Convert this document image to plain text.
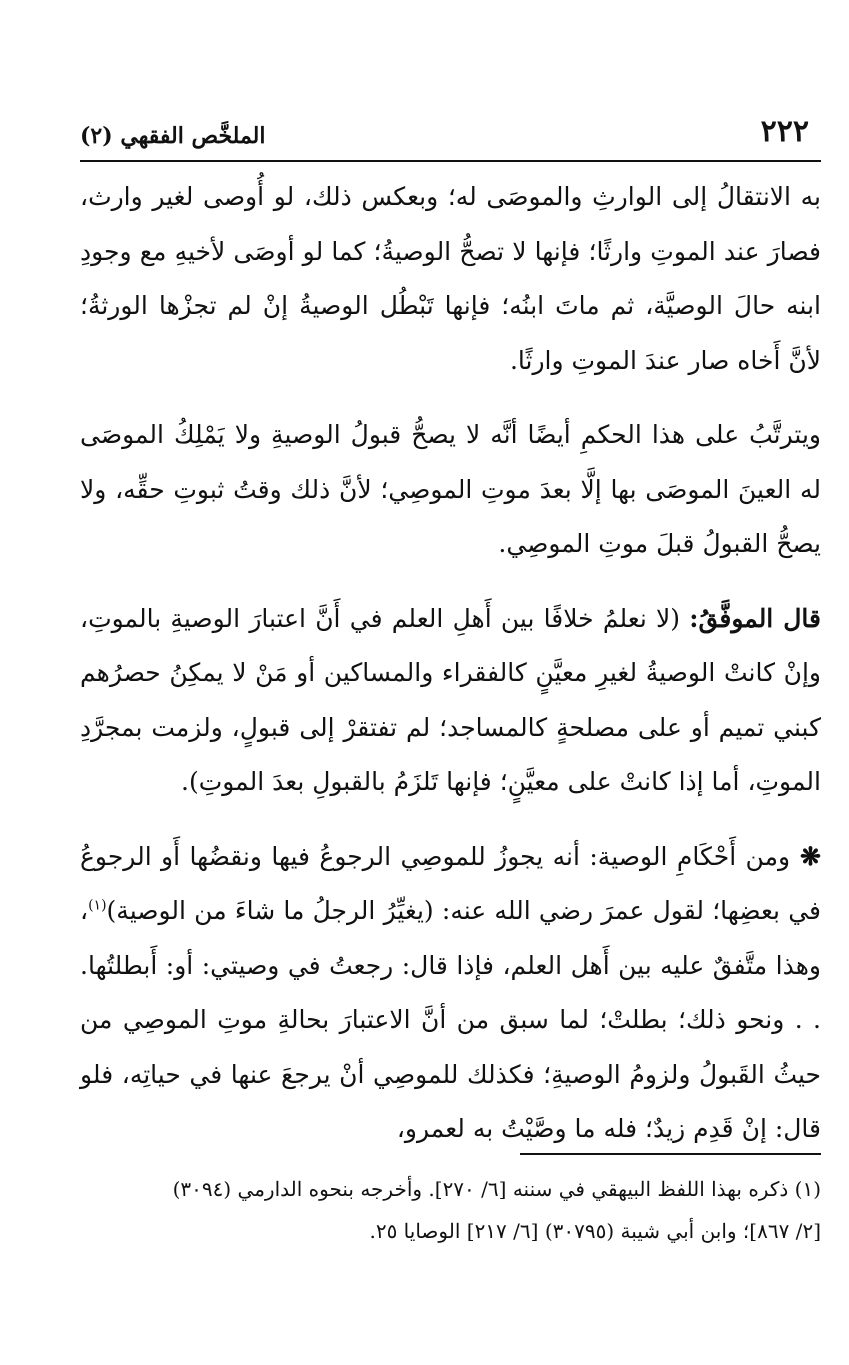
٢٢٢
الملخَّص الفقهي (٢)

به الانتقالُ إلى الوارثِ والموصَى له؛ وبعكس ذلك، لو أُوصى لغير وارث، فصارَ عند الموتِ وارثًا؛ فإنها لا تصحُّ الوصيةُ؛ كما لو أوصَى لأخيهِ مع وجودِ ابنه حالَ الوصيَّة، ثم ماتَ ابنُه؛ فإنها تَبْطُل الوصيةُ إنْ لم تجزْها الورثةُ؛ لأنَّ أَخاه صار عندَ الموتِ وارثًا.

ويترتَّبُ على هذا الحكمِ أيضًا أنَّه لا يصحُّ قبولُ الوصيةِ ولا يَمْلِكُ الموصَى له العينَ الموصَى بها إلَّا بعدَ موتِ الموصِي؛ لأنَّ ذلك وقتُ ثبوتِ حقِّه، ولا يصحُّ القبولُ قبلَ موتِ الموصِي.

قال الموفَّقُ: (لا نعلمُ خلافًا بين أَهلِ العلم في أَنَّ اعتبارَ الوصيةِ بالموتِ، وإنْ كانتْ الوصيةُ لغيرِ معيَّنٍ كالفقراء والمساكين أو مَنْ لا يمكِنُ حصرُهم كبني تميم أو على مصلحةٍ كالمساجد؛ لم تفتقرْ إلى قبولٍ، ولزمت بمجرَّدِ الموتِ، أما إذا كانتْ على معيَّنٍ؛ فإنها تَلزَمُ بالقبولِ بعدَ الموتِ).

❋ومن أَحْكَامِ الوصية: أنه يجوزُ للموصِي الرجوعُ فيها ونقضُها أَو الرجوعُ في بعضِها؛ لقول عمرَ رضي الله عنه: (يغيِّرُ الرجلُ ما شاءَ من الوصية)$^{(١)}$، وهذا متَّفقٌ عليه بين أَهل العلم، فإذا قال: رجعتُ في وصيتي: أو: أَبطلتُها. . . ونحو ذلك؛ بطلتْ؛ لما سبق من أنَّ الاعتبارَ بحالةِ موتِ الموصِي من حيثُ القَبولُ ولزومُ الوصيةِ؛ فكذلك للموصِي أنْ يرجعَ عنها في حياتِه، فلو قال: إنْ قَدِم زيدٌ؛ فله ما وصَّيْتُ به لعمرو،

(١) ذكره بهذا اللفظ البيهقي في سننه [٦/ ٢٧٠]. وأخرجه بنحوه الدارمي (٣٠٩٤)

[٢/ ٨٦٧]؛ وابن أبي شيبة (٣٠٧٩٥) [٦/ ٢١٧] الوصايا ٢٥.
